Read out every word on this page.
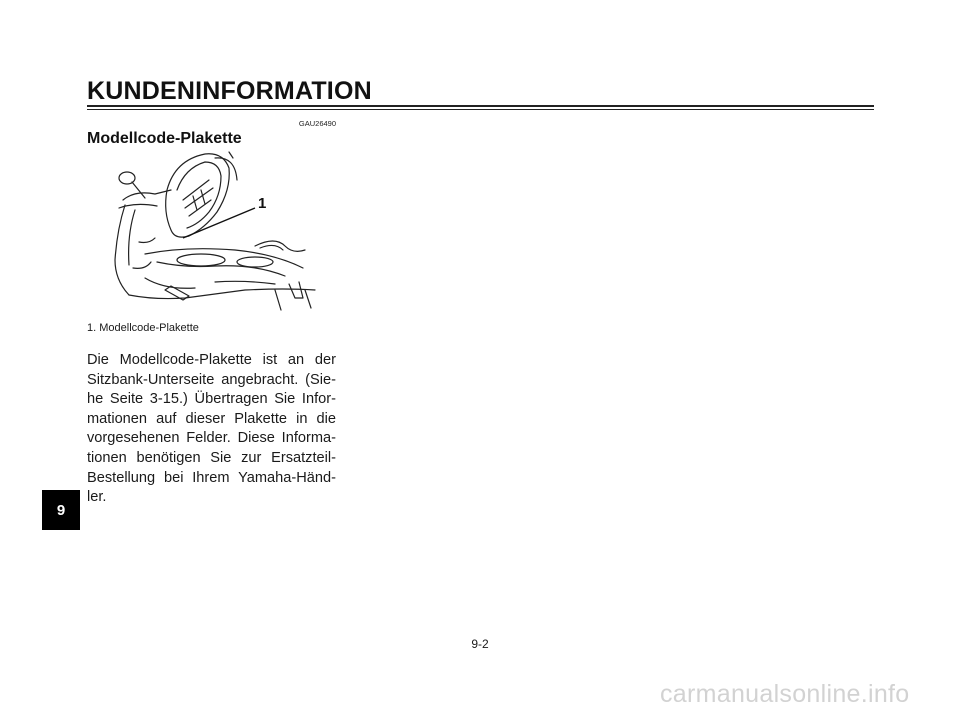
KUNDENINFORMATION
GAU26490
Modellcode-Plakette
1
1. Modellcode-Plakette

Die Modellcode-Plakette ist an der Sitzbank-Unterseite angebracht. (Sie-he Seite 3-15.) Übertragen Sie Infor-mationen auf dieser Plakette in die vorgesehenen Felder. Diese Informa-tionen benötigen Sie zur Ersatzteil-Bestellung bei Ihrem Yamaha-Händ-ler.

9
9-2
carmanualsonline.info
